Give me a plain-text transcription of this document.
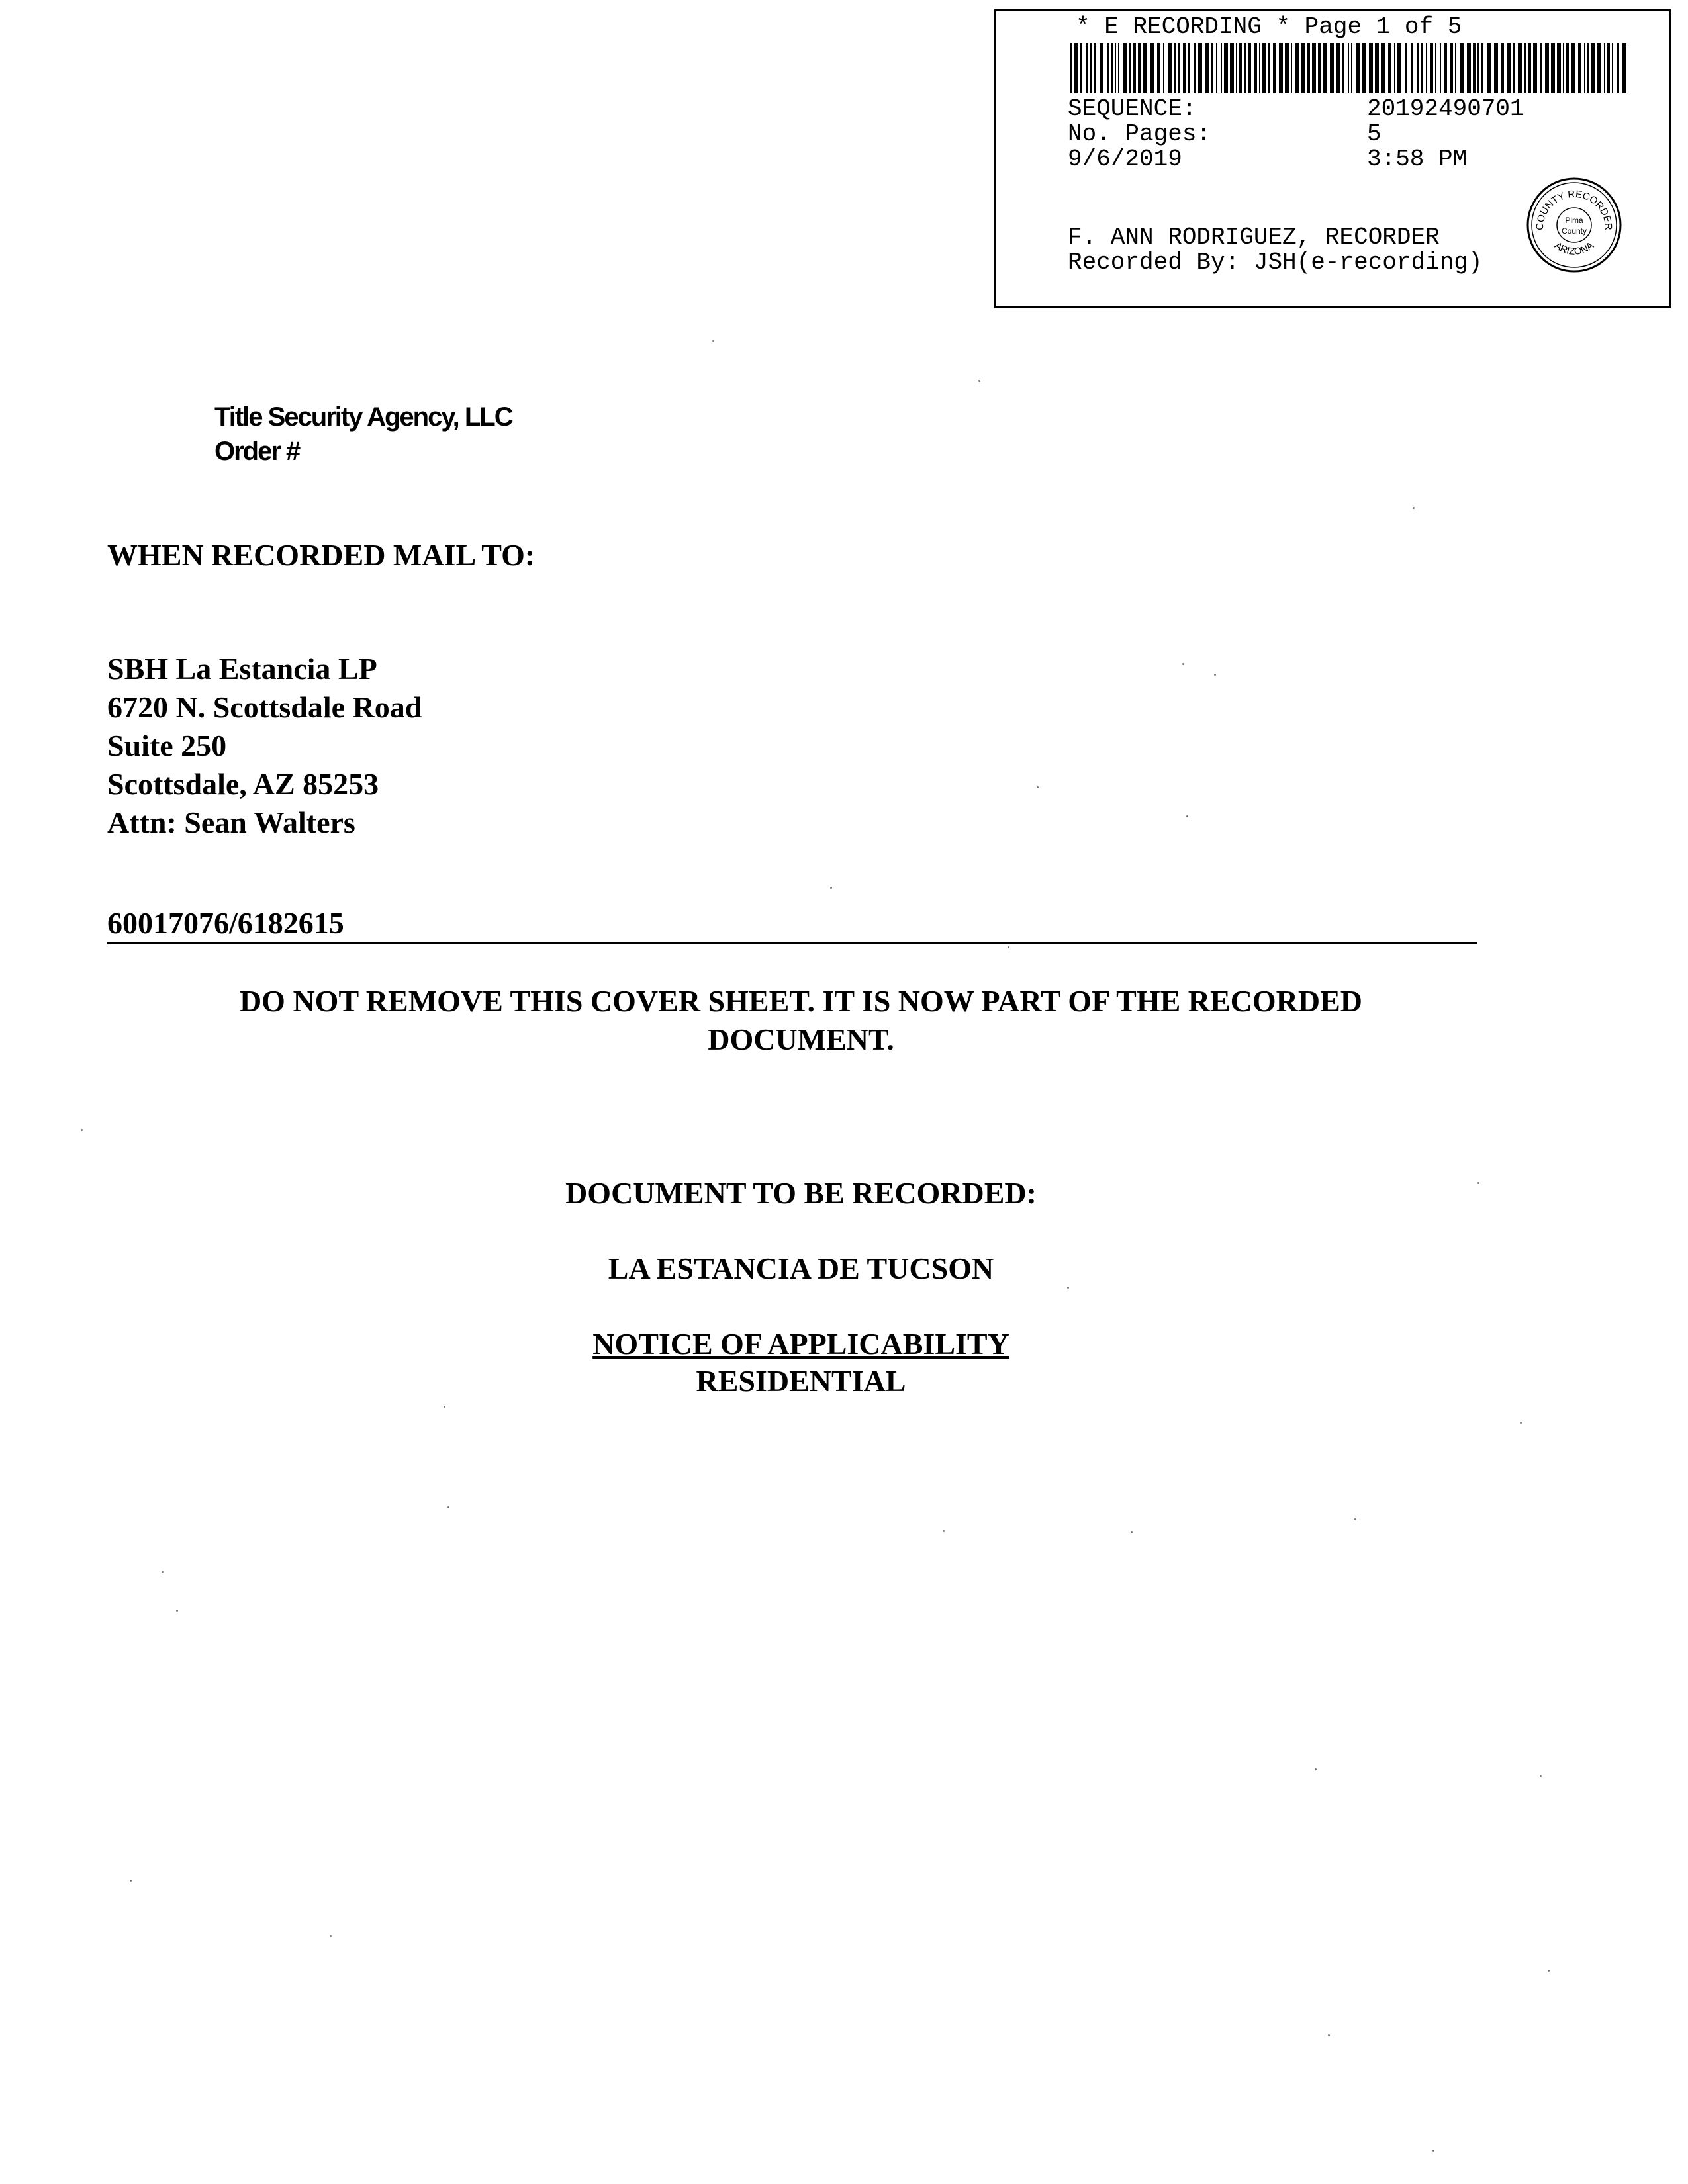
* E RECORDING * Page 1 of 5
SEQUENCE:	20192490701
No. Pages:	5
9/6/2019	3:58 PM
F. ANN RODRIGUEZ, RECORDER
Recorded By: JSH(e-recording)
COUNTY RECORDER
ARIZONA
Pima
County
Title Security Agency, LLC
Order #
WHEN RECORDED MAIL TO:
SBH La Estancia LP
6720 N. Scottsdale Road
Suite 250
Scottsdale, AZ 85253
Attn: Sean Walters
60017076/6182615
DO NOT REMOVE THIS COVER SHEET. IT IS NOW PART OF THE RECORDED
DOCUMENT.
DOCUMENT TO BE RECORDED:
LA ESTANCIA DE TUCSON
NOTICE OF APPLICABILITY
RESIDENTIAL
